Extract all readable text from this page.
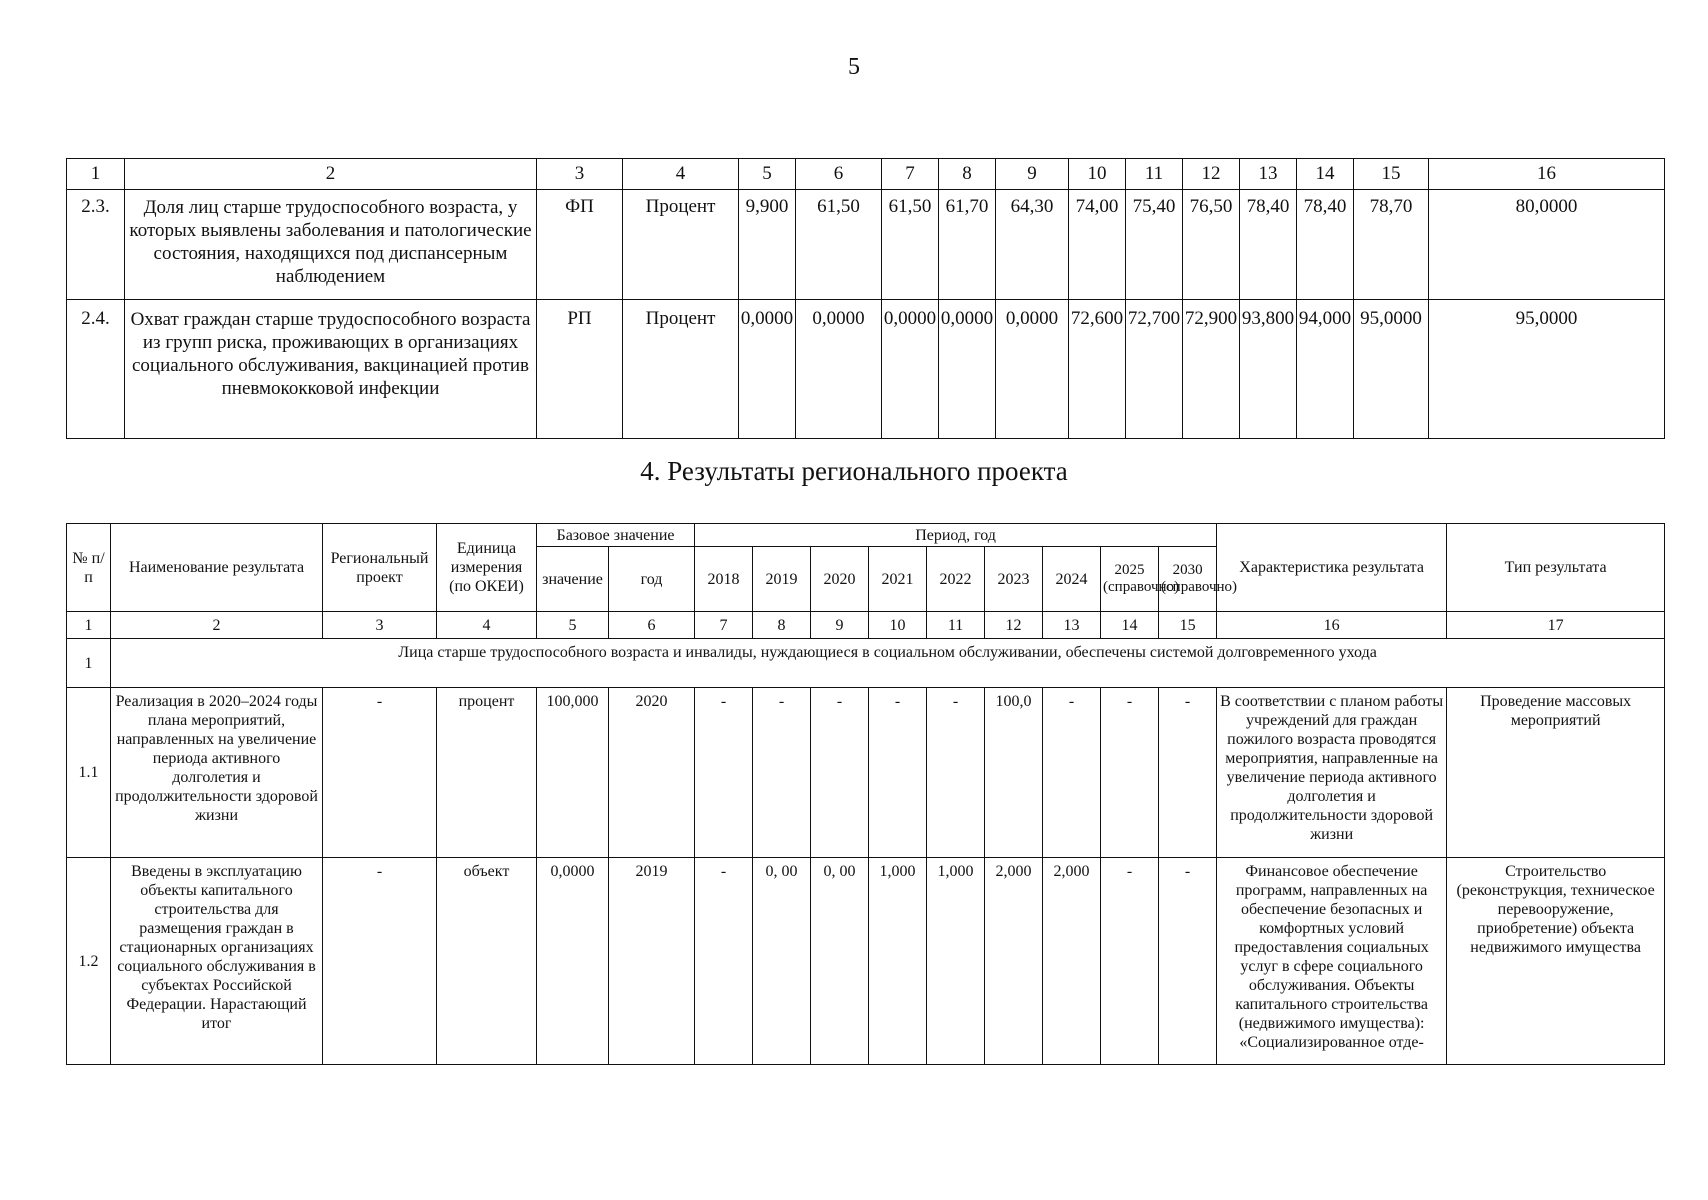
5
1	2	3	4	5	6	7	8	9	10	11	12	13	14	15	16
2.3.	Доля лиц старше трудоспособного возраста, у которых выявлены заболевания и патологические состояния, находящихся под диспансерным наблюдением	ФП	Процент	9,900	61,50	61,50	61,70	64,30	74,00	75,40	76,50	78,40	78,40	78,70	80,0000
2.4.	Охват граждан старше трудоспособного возраста из групп риска, проживающих в организациях социального обслуживания, вакцинацией против пневмококковой инфекции	РП	Процент	0,0000	0,0000	0,0000	0,0000	0,0000	72,600	72,700	72,900	93,800	94,000	95,0000	95,0000
4. Результаты регионального проекта
№ п/п	Наименование результата	Региональный проект	Единица измерения (по ОКЕИ)	Базовое значение		Период, год									Характеристика результата	Тип результата
				значение	год	2018	2019	2020	2021	2022	2023	2024	2025 (справочно)	2030 (справочно)		
1	2	3	4	5	6	7	8	9	10	11	12	13	14	15	16	17
1	Лица старше трудоспособного возраста и инвалиды, нуждающиеся в социальном обслуживании, обеспечены системой долговременного ухода															
1.1	Реализация в 2020–2024 годы плана мероприятий, направленных на увеличение периода активного долголетия и продолжительности здоровой жизни	-	процент	100,000	2020	-	-	-	-	-	100,0	-	-	-	В соответствии с планом работы учреждений для граждан пожилого возраста проводятся мероприятия, направленные на увеличение периода активного долголетия и продолжительности здоровой жизни	Проведение массовых мероприятий
1.2	Введены в эксплуатацию объекты капитального строительства для размещения граждан в стационарных организациях социального обслуживания в субъектах Российской Федерации. Нарастающий итог	-	объект	0,0000	2019	-	0, 00	0, 00	1,000	1,000	2,000	2,000	-	-	Финансовое обеспечение программ, направленных на обеспечение безопасных и комфортных условий предоставления социальных услуг в сфере социального обслуживания. Объекты капитального строительства (недвижимого имущества): «Социализированное отде-	Строительство (реконструкция, техническое перевооружение, приобретение) объекта недвижимого имущества
